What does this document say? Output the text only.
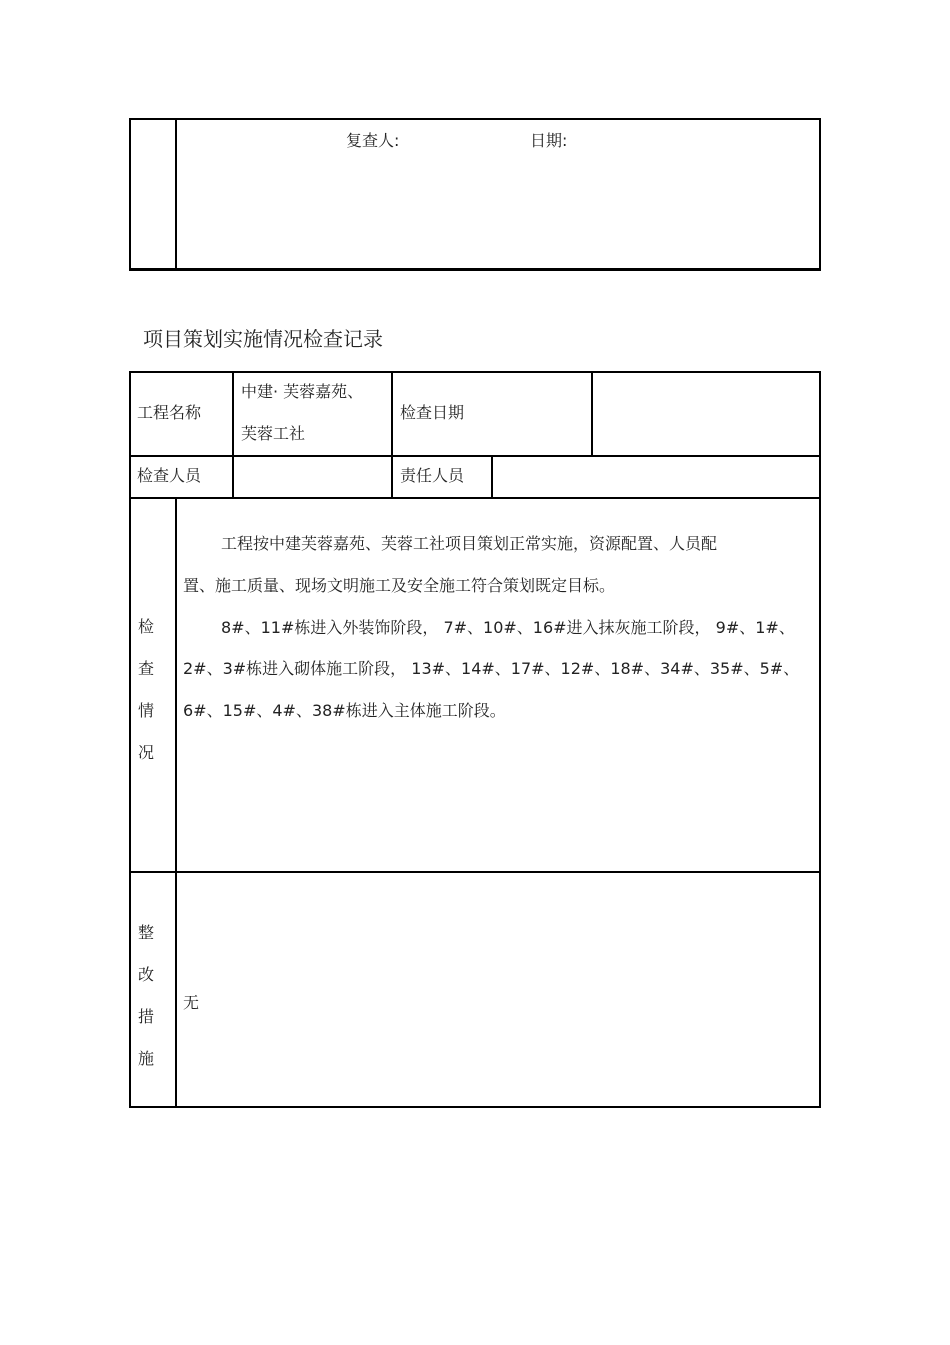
复查人:	日期:
项目策划实施情况检查记录
工程名称
中建· 芙蓉嘉苑、
芙蓉工社
检查日期
检查人员	责任人员
检
查
情
况
工程按中建芙蓉嘉苑、芙蓉工社项目策划正常实施，资源配置、人员配
置、施工质量、现场文明施工及安全施工符合策划既定目标。
8#、11#栋进入外装饰阶段， 7#、10#、16#进入抹灰施工阶段， 9#、1#、
2#、3#栋进入砌体施工阶段， 13#、14#、17#、12#、18#、34#、35#、5#、
6#、15#、4#、38#栋进入主体施工阶段。
整
改
措
施
无
